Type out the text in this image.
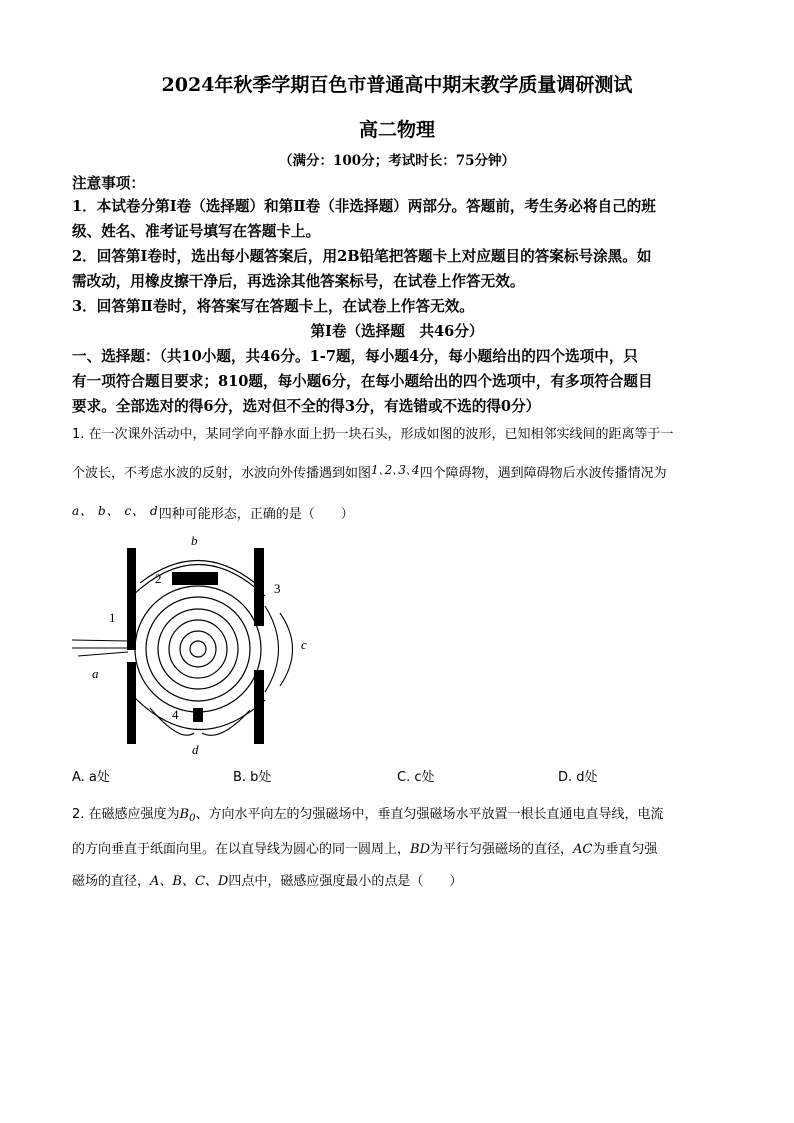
2024年秋季学期百色市普通高中期末教学质量调研测试
高二物理
（满分：100分；考试时长：75分钟）
注意事项：
1．本试卷分第Ⅰ卷（选择题）和第Ⅱ卷（非选择题）两部分。答题前，考生务必将自己的班
级、姓名、准考证号填写在答题卡上。
2．回答第Ⅰ卷时，选出每小题答案后，用2B铅笔把答题卡上对应题目的答案标号涂黑。如
需改动，用橡皮擦干净后，再选涂其他答案标号，在试卷上作答无效。
3．回答第Ⅱ卷时，将答案写在答题卡上，在试卷上作答无效。
第Ⅰ卷（选择题　共46分）
一、选择题：（共10小题，共46分。1-7题，每小题4分，每小题给出的四个选项中，只
有一项符合题目要求；810题，每小题6分，在每小题给出的四个选项中，有多项符合题目
要求。全部选对的得6分，选对但不全的得3分，有选错或不选的得0分）
1. 在一次课外活动中，某同学向平静水面上扔一块石头，形成如图的波形，已知相邻实线间的距离等于一
个波长，不考虑水波的反射，水波向外传播遇到如图1､2､3､4四个障碍物，遇到障碍物后水波传播情况为
a、 b、 c、 d四种可能形态，正确的是（　　）
1
2
3
4
a
b
c
d
A. a处	B. b处	C. c处	D. d处
2. 在磁感应强度为$B_0$、方向水平向左的匀强磁场中，垂直匀强磁场水平放置一根长直通电直导线，电流
的方向垂直于纸面向里。在以直导线为圆心的同一圆周上，BD为平行匀强磁场的直径，AC为垂直匀强
磁场的直径，A、B、C、D四点中，磁感应强度最小的点是（　　）
